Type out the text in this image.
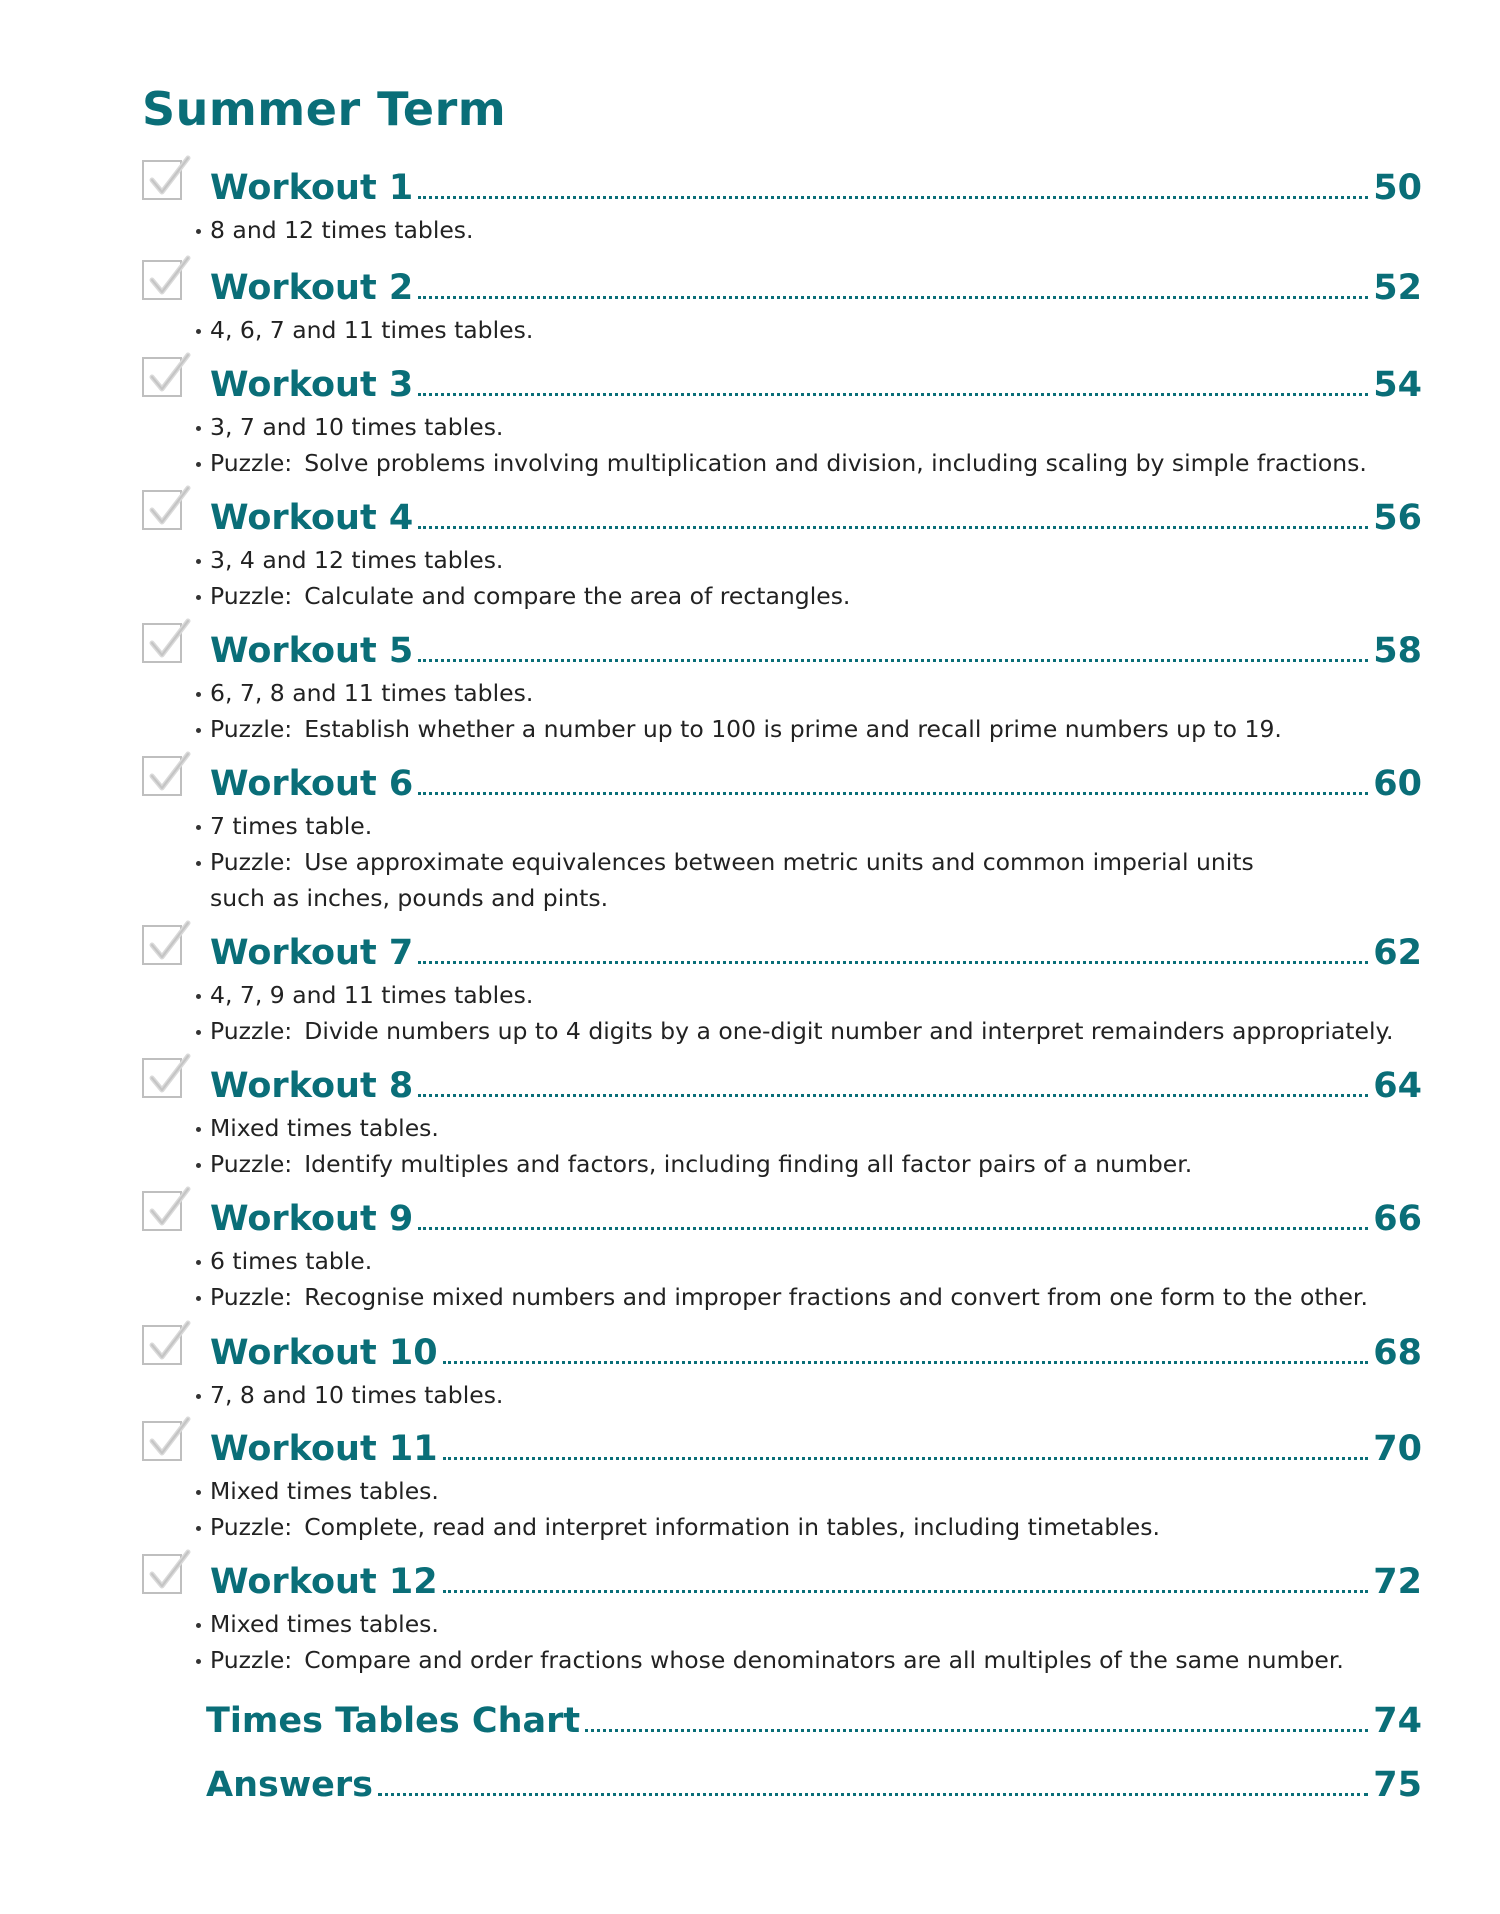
Summer Term
Workout 1	50
8 and 12 times tables.
Workout 2	52
4, 6, 7 and 11 times tables.
Workout 3	54
3, 7 and 10 times tables.
Puzzle: Solve problems involving multiplication and division, including scaling by simple fractions.
Workout 4	56
3, 4 and 12 times tables.
Puzzle: Calculate and compare the area of rectangles.
Workout 5	58
6, 7, 8 and 11 times tables.
Puzzle: Establish whether a number up to 100 is prime and recall prime numbers up to 19.
Workout 6	60
7 times table.
Puzzle: Use approximate equivalences between metric units and common imperial units
such as inches, pounds and pints.
Workout 7	62
4, 7, 9 and 11 times tables.
Puzzle: Divide numbers up to 4 digits by a one-digit number and interpret remainders appropriately.
Workout 8	64
Mixed times tables.
Puzzle: Identify multiples and factors, including finding all factor pairs of a number.
Workout 9	66
6 times table.
Puzzle: Recognise mixed numbers and improper fractions and convert from one form to the other.
Workout 10	68
7, 8 and 10 times tables.
Workout 11	70
Mixed times tables.
Puzzle: Complete, read and interpret information in tables, including timetables.
Workout 12	72
Mixed times tables.
Puzzle: Compare and order fractions whose denominators are all multiples of the same number.
Times Tables Chart	74
Answers	75
